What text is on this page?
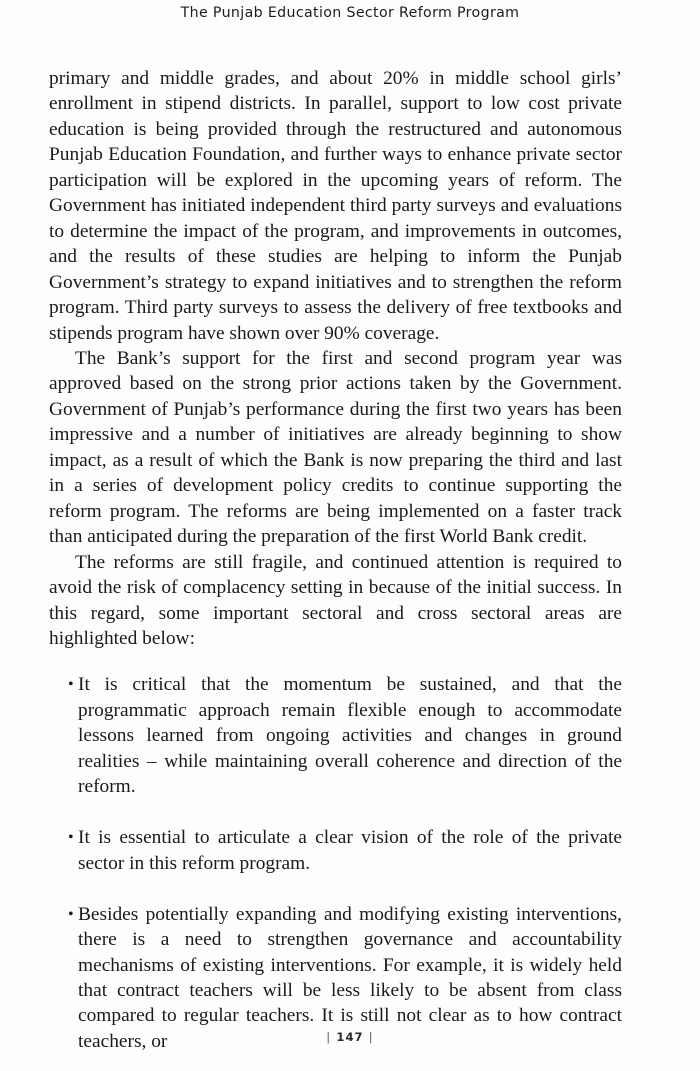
The Punjab Education Sector Reform Program

primary and middle grades, and about 20% in middle school girls’ enrollment in stipend districts. In parallel, support to low cost private education is being provided through the restructured and autonomous Punjab Education Foundation, and further ways to enhance private sector participation will be explored in the upcoming years of reform. The Government has initiated independent third party surveys and evaluations to determine the impact of the program, and improvements in outcomes, and the results of these studies are helping to inform the Punjab Government’s strategy to expand initiatives and to strengthen the reform program. Third party surveys to assess the delivery of free textbooks and stipends program have shown over 90% coverage.

The Bank’s support for the first and second program year was approved based on the strong prior actions taken by the Government. Government of Punjab’s performance during the first two years has been impressive and a number of initiatives are already beginning to show impact, as a result of which the Bank is now preparing the third and last in a series of development policy credits to continue supporting the reform program. The reforms are being implemented on a faster track than anticipated during the preparation of the first World Bank credit.

The reforms are still fragile, and continued attention is required to avoid the risk of complacency setting in because of the initial success. In this regard, some important sectoral and cross sectoral areas are highlighted below:

• It is critical that the momentum be sustained, and that the programmatic approach remain flexible enough to accommodate lessons learned from ongoing activities and changes in ground realities – while maintaining overall coherence and direction of the reform.
• It is essential to articulate a clear vision of the role of the private sector in this reform program.
• Besides potentially expanding and modifying existing interventions, there is a need to strengthen governance and accountability mechanisms of existing interventions. For example, it is widely held that contract teachers will be less likely to be absent from class compared to regular teachers. It is still not clear as to how contract teachers, or	| 147 |
